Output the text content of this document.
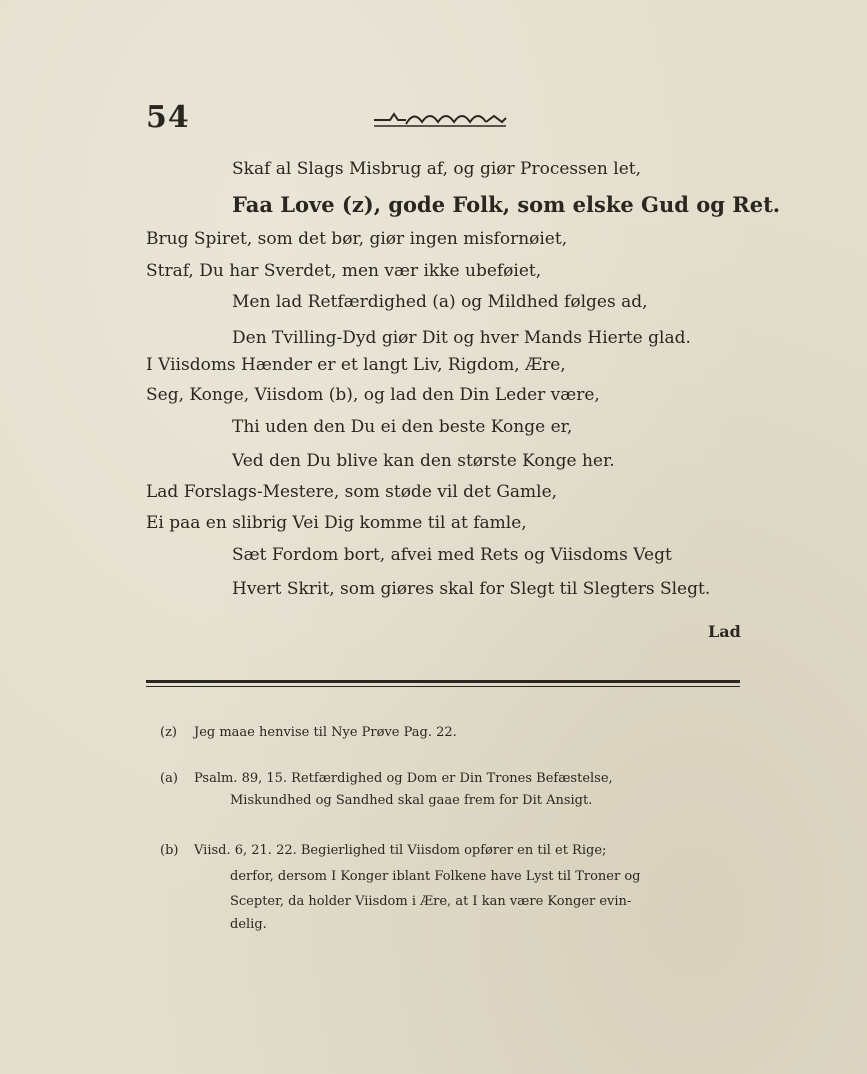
54
Skaf al Slags Misbrug af, og giør Processen let,
Faa Love (z), gode Folk, som elske Gud og Ret.
Brug Spiret, som det bør, giør ingen misfornøiet,
Straf, Du har Sverdet, men vær ikke ubeføiet,
Men lad Retfærdighed (a) og Mildhed følges ad,
Den Tvilling-Dyd giør Dit og hver Mands Hierte glad.
I Viisdoms Hænder er et langt Liv, Rigdom, Ære,
Seg, Konge, Viisdom (b), og lad den Din Leder være,
Thi uden den Du ei den beste Konge er,
Ved den Du blive kan den største Konge her.
Lad Forslags-Mestere, som støde vil det Gamle,
Ei paa en slibrig Vei Dig komme til at famle,
Sæt Fordom bort, afvei med Rets og Viisdoms Vegt
Hvert Skrit, som giøres skal for Slegt til Slegters Slegt.
Lad
(z) Jeg maae henvise til Nye Prøve Pag. 22.
(a) Psalm. 89, 15. Retfærdighed og Dom er Din Trones Befæstelse,
Miskundhed og Sandhed skal gaae frem for Dit Ansigt.
(b) Viisd. 6, 21. 22. Begierlighed til Viisdom opfører en til et Rige;
derfor, dersom I Konger iblant Folkene have Lyst til Troner og
Scepter, da holder Viisdom i Ære, at I kan være Konger evin-
delig.
